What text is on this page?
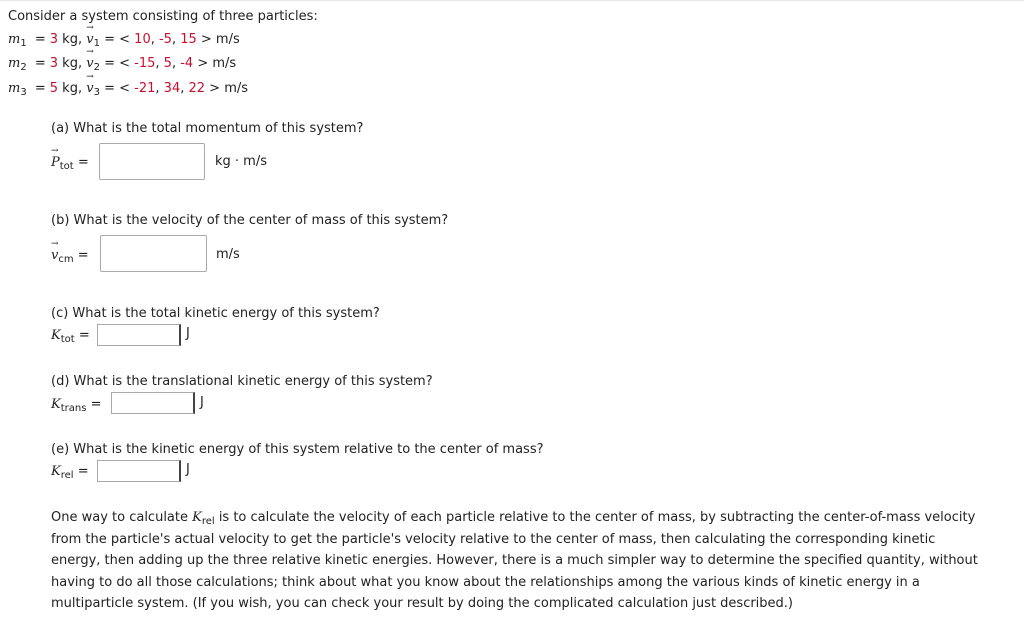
Consider a system consisting of three particles:
$m_1 = 3$ kg, → $v_1$ = < 10, -5, 15 > m/s
$m_2 = 3$ kg, → $v_2$ = < -15, 5, -4 > m/s
$m_3 = 5$ kg, → $v_3$ = < -21, 34, 22 > m/s
(a) What is the total momentum of this system?
→ $P_{tot}$ =	kg · m/s
(b) What is the velocity of the center of mass of this system?
→ $v_{cm}$ =	m/s
(c) What is the total kinetic energy of this system?
$K_{tot}$ =	J
(d) What is the translational kinetic energy of this system?
$K_{trans}$ =	J
(e) What is the kinetic energy of this system relative to the center of mass?
$K_{rel}$ =	J
One way to calculate $K_{rel}$ is to calculate the velocity of each particle relative to the center of mass, by subtracting the center-of-mass velocity from the particle's actual velocity to get the particle's velocity relative to the center of mass, then calculating the corresponding kinetic energy, then adding up the three relative kinetic energies. However, there is a much simpler way to determine the specified quantity, without having to do all those calculations; think about what you know about the relationships among the various kinds of kinetic energy in a multiparticle system. (If you wish, you can check your result by doing the complicated calculation just described.)
